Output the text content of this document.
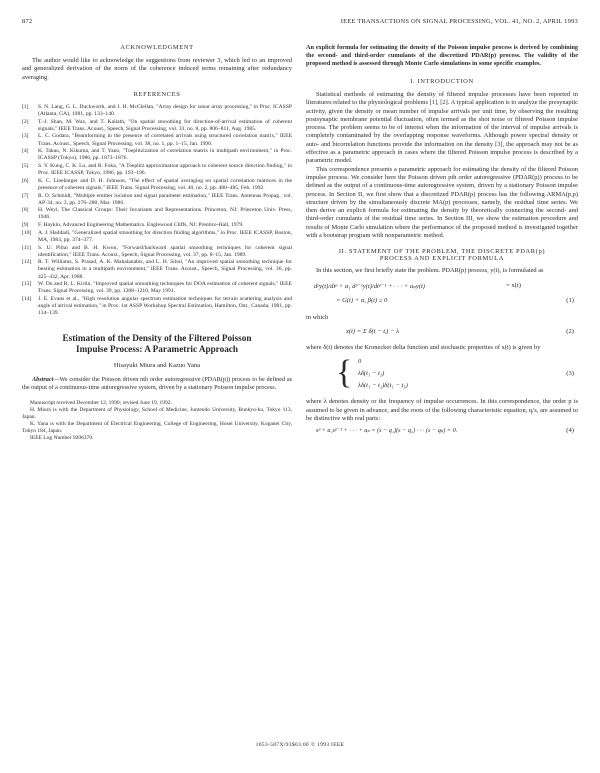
872	IEEE TRANSACTIONS ON SIGNAL PROCESSING, VOL. 41, NO. 2, APRIL 1993
ACKNOWLEDGMENT

The author would like to acknowledge the suggestions from reviewer 3, which led to an improved and generalized derivation of the norm of the coherence induced terms remaining after redundancy averaging.

REFERENCES
[1]	S. N. Lang, G. L. Duckworth, and J. H. McClellan, "Array design for sonar array processing," in Proc. ICASSP (Atlanta, GA), 1981, pp. 133–140.
[2]	T.-J. Shan, M. Wax, and T. Kailath, "On spatial smoothing for direction-of-arrival estimation of coherent signals," IEEE Trans. Acoust., Speech, Signal Processing, vol. 33, no. 8, pp. 806–811, Aug. 1985.
[3]	L. C. Godara, "Beamforming in the presence of correlated arrivals using structured correlation matrix," IEEE Trans. Acoust., Speech, Signal Processing, vol. 38, no. 1, pp. 1–15, Jan. 1990.
[4]	K. Takao, N. Kikuma, and T. Yano, "Toeplitzization of correlation matrix in multipath environment," in Proc. ICASSP (Tokyo), 1986, pp. 1873–1876.
[5]	S. Y. Kung, C. K. Lo, and R. Foka, "A Toeplitz approximation approach to coherent source direction finding," in Proc. IEEE ICASSP, Tokyo, 1986, pp. 193–196.
[6]	K. C. Linebarger and D. H. Johnson, "The effect of spatial averaging on spatial correlation matrices in the presence of coherent signals," IEEE Trans. Signal Processing, vol. 40, no. 2, pp. 480–485, Feb. 1992.
[7]	R. O. Schmidt, "Multiple emitter location and signal parameter estimation," IEEE Trans. Antennas Propag., vol. AP-34, no. 3, pp. 276–280, Mar. 1986.
[8]	H. Weyl, The Classical Groups: Their Invariants and Representations. Princeton, NJ: Princeton Univ. Press, 1946.
[9]	F. Haykin, Advanced Engineering Mathematics. Englewood Cliffs, NJ: Prentice-Hall, 1979.
[10]	A. J. Haddadi, "Generalized spatial smoothing for direction finding algorithms," in Proc. IEEE ICASSP, Boston, MA, 1983, pp. 374–377.
[11]	S. U. Pillai and B. H. Kwon, "Forward/backward spatial smoothing techniques for coherent signal identification," IEEE Trans. Acoust., Speech, Signal Processing, vol. 37, pp. 8–15, Jan. 1989.
[12]	R. T. Williams, S. Prasad, A. K. Mahalanabis, and L. H. Sibul, "An improved spatial smoothing technique for bearing estimation in a multipath environment," IEEE Trans. Acoust., Speech, Signal Processing, vol. 36, pp. 425–432, Apr. 1988.
[13]	W. Du and R. L. Kirlin, "Improved spatial smoothing techniques for DOA estimation of coherent signals," IEEE Trans. Signal Processing, vol. 39, pp. 1208–1210, May 1991.
[14]	J. E. Evans et al., "High resolution angular spectrum estimation techniques for terrain scattering analysis and angle of arrival estimation," in Proc. 1st ASSP Workshop Spectral Estimation, Hamilton, Ont., Canada, 1981, pp. 134–139.
Estimation of the Density of the Filtered Poisson
Impulse Process: A Parametric Approach
Hisayuki Miura and Kazuo Yana

Abstract—We consider the Poisson driven nth order autoregressive (PDAR(p)) process to be defined as the output of a continuous-time autoregressive system, driven by a stationary Poisson impulse process.

Manuscript received December 12, 1990; revised June 19, 1992.

H. Miura is with the Department of Physiology, School of Medicine, Juntendo University, Bunkyo-ku, Tokyo 113, Japan.

K. Yana is with the Department of Electrical Engineering, College of Engineering, Hosei University, Koganei City, Tokyo 184, Japan.

IEEE Log Number 9206370.

An explicit formula for estimating the density of the Poisson impulse process is derived by combining the second- and third-order cumulants of the discretized PDAR(p) process. The validity of the proposed method is assessed through Monte Carlo simulations in some specific examples.

I. INTRODUCTION

Statistical methods of estimating the density of filtered impulse processes have been reported in literatures related to the physiological problems [1], [2]. A typical application is to analyze the presynaptic activity, given the density or mean number of impulse arrivals per unit time, by observing the resulting postsynaptic membrane potential fluctuation, often termed as the shot noise or filtered Poisson impulse process. The problem seems to be of interest when the information of the interval of impulse arrivals is completely contaminated by the overlapping response waveforms. Although power spectral density or auto- and bicorrelation functions provide the information on the density [3], the approach may not be as effective as a parametric approach in cases where the filtered Poisson impulse process is described by a parametric model.

This correspondence presents a parametric approach for estimating the density of the filtered Poisson impulse process. We consider here the Poisson driven pth order autoregressive (PDAR(p)) process to be defined as the output of a continuous-time autoregressive system, driven by a stationary Poisson impulse process. In Section II, we first show that a discretized PDAR(p) process has the following ARMA(p,p) structure driven by the simultaneously discrete MA(p) processes, namely, the residual time series. We then derive an explicit formula for estimating the density by theoretically connecting the second- and third-order cumulants of the residual time series. In Section III, we show the estimation procedure and results of Monte Carlo simulation where the performance of the proposed method is investigated together with a bootstrap program with nonparametric method.

II. STATEMENT OF THE PROBLEM, THE DISCRETE PDAR(p)
PROCESS AND EXPLICIT FORMULA

In this section, we first briefly state the problem. PDAR(p) process, y(t), is formulated as

dᵖy(t)/dtᵖ + a₁ dᵖ⁻¹y(t)/dtᵖ⁻¹ + · · · + aₚy(t)	= x(t)
= G(t) + α, β(t) ≥ 0	(1)

in which

x(t) = Σ δ(t − tᵢ) − λ	(2)

where δ(t) denotes the Kronecker delta function and stochastic properties of x(t) is given by

{ 0
λδ(t₁ − t₂)
λδ(t₁ − t₂)δ(t₁ − t₃)
(3)

where λ denotes density or the frequency of impulse occurrences. In this correspondence, the order p is assumed to be given in advance, and the roots of the following characteristic equation, qᵢ's, are assumed to be distinctive with real parts:

sᵖ + a₁sᵖ⁻¹ + · · · + aₚ = (s − q₁)(s − q₂) · · · (s − qₚ) = 0.	(4)
1053-587X/93$03.00 © 1993 IEEE
